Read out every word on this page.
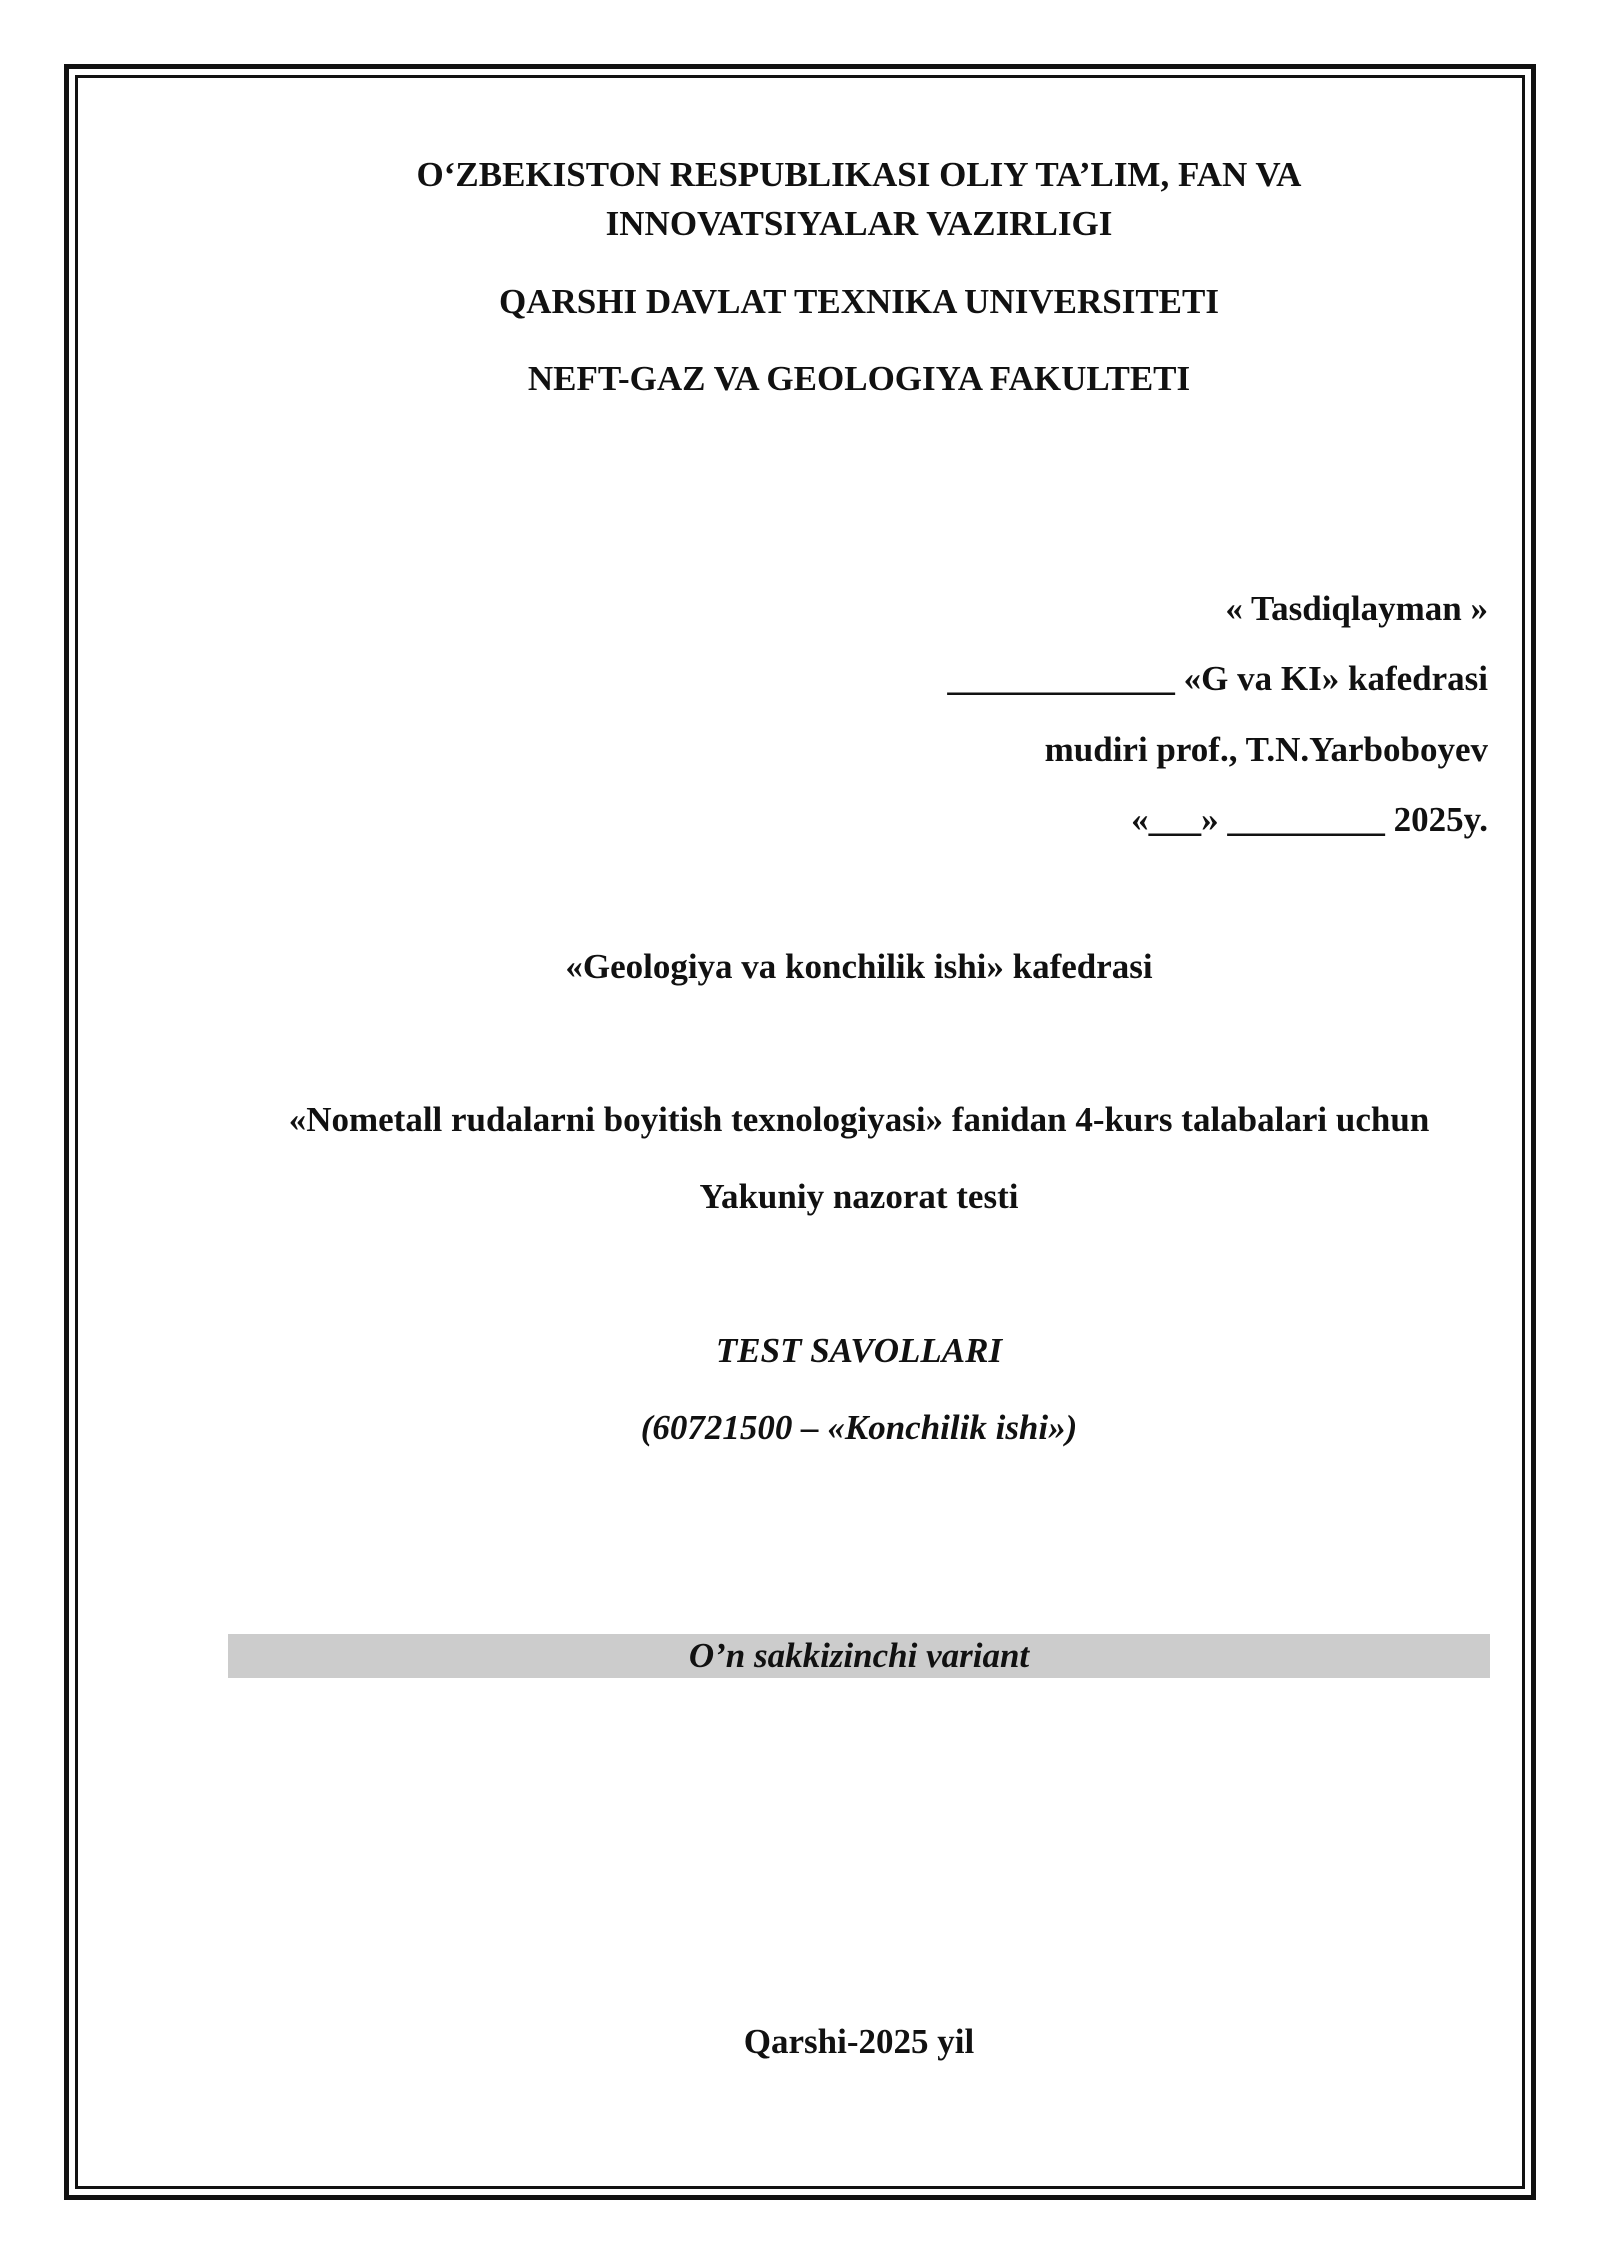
O‘ZBEKISTON RESPUBLIKASI OLIY TA’LIM, FAN VA
INNOVATSIYALAR VAZIRLIGI
QARSHI DAVLAT TEXNIKA UNIVERSITETI
NEFT-GAZ VA GEOLOGIYA FAKULTETI
« Tasdiqlayman »
_____________ «G va KI» kafedrasi
mudiri prof., T.N.Yarboboyev
«___» _________ 2025y.
«Geologiya va konchilik ishi» kafedrasi
«Nometall rudalarni boyitish texnologiyasi» fanidan 4-kurs talabalari uchun
Yakuniy nazorat testi
TEST SAVOLLARI
(60721500 – «Konchilik ishi»)
O’n sakkizinchi variant
Qarshi-2025 yil
